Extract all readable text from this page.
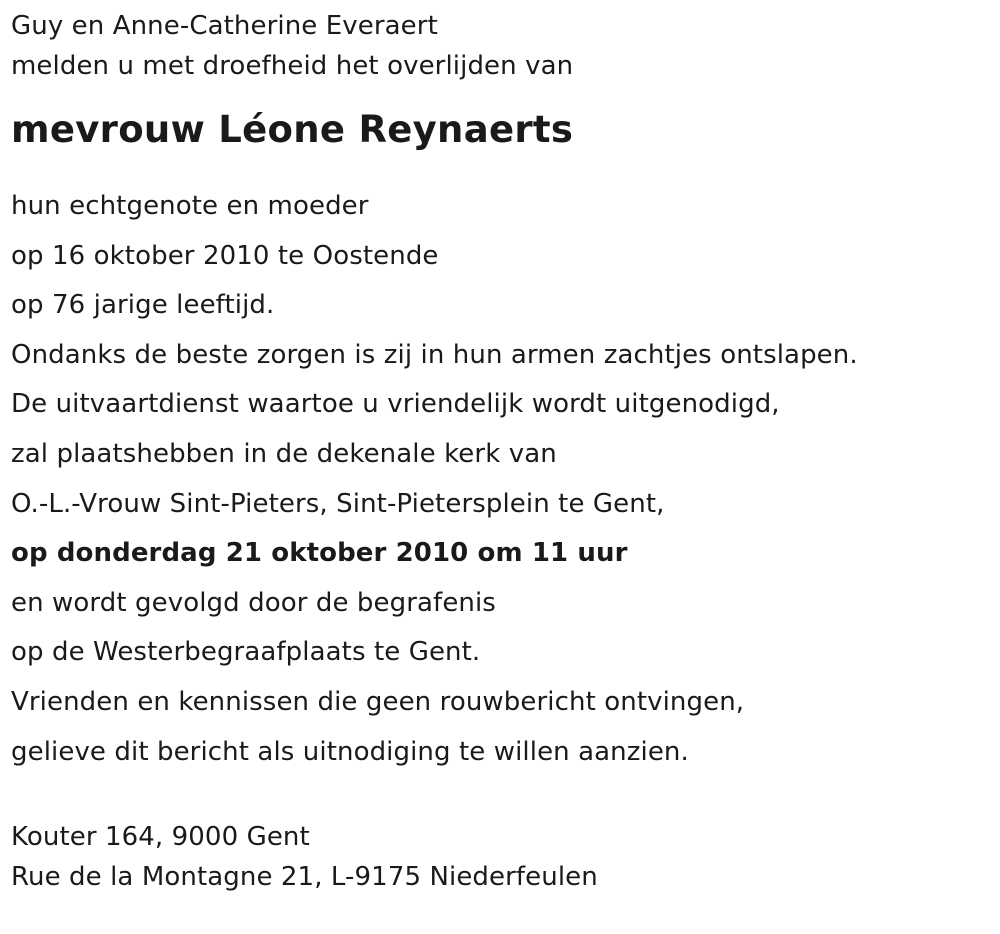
Guy en Anne-Catherine Everaert
melden u met droefheid het overlijden van
mevrouw Léone Reynaerts
hun echtgenote en moeder
op 16 oktober 2010 te Oostende
op 76 jarige leeftijd.
Ondanks de beste zorgen is zij in hun armen zachtjes ontslapen.
De uitvaartdienst waartoe u vriendelijk wordt uitgenodigd,
zal plaatshebben in de dekenale kerk van
O.-L.-Vrouw Sint-Pieters, Sint-Pietersplein te Gent,
op donderdag 21 oktober 2010 om 11 uur
en wordt gevolgd door de begrafenis
op de Westerbegraafplaats te Gent.
Vrienden en kennissen die geen rouwbericht ontvingen,
gelieve dit bericht als uitnodiging te willen aanzien.
Kouter 164, 9000 Gent
Rue de la Montagne 21, L-9175 Niederfeulen
